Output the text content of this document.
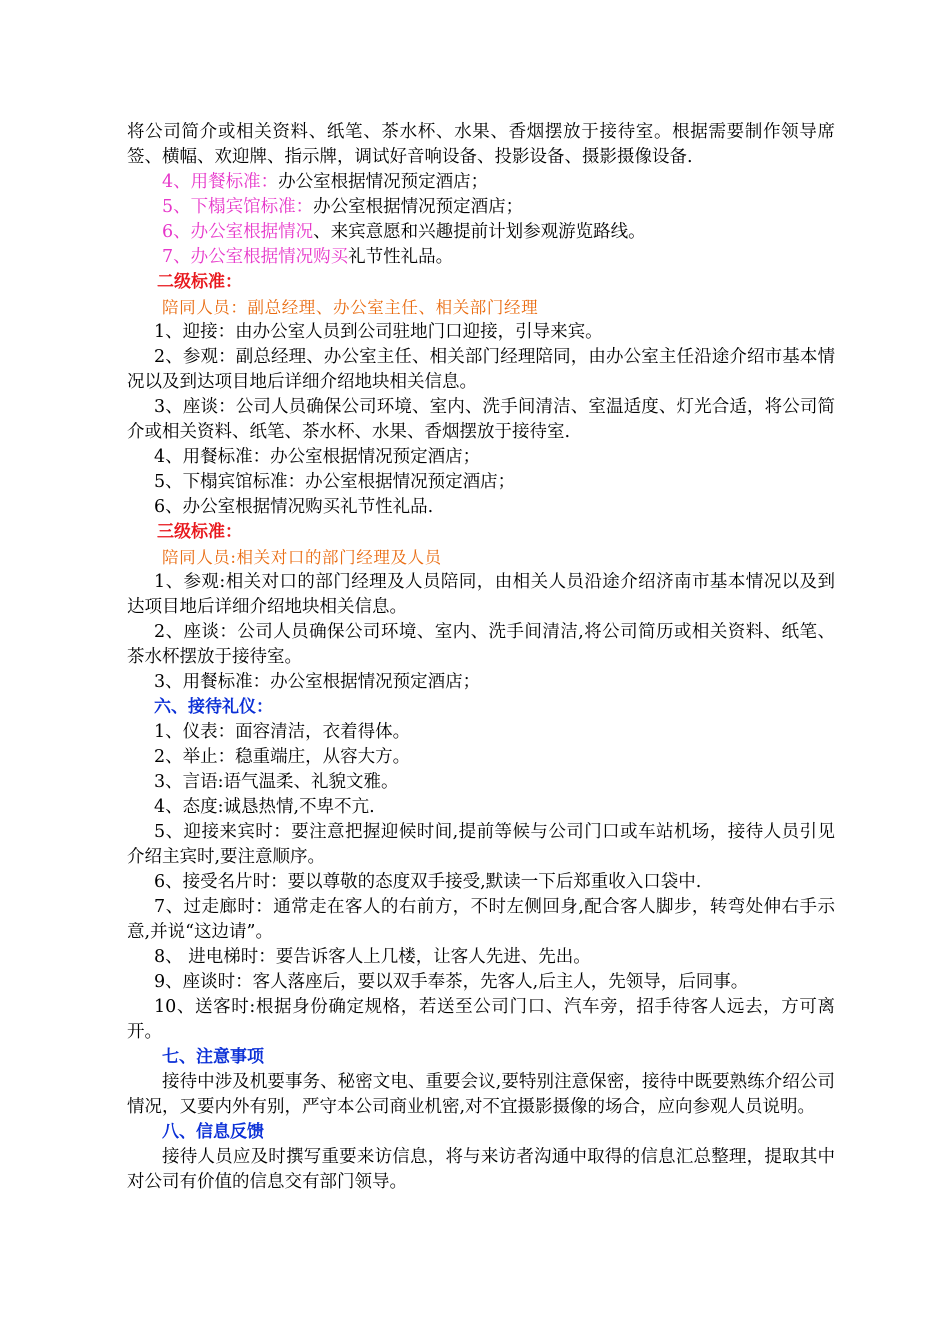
将公司简介或相关资料、纸笔、茶水杯、水果、香烟摆放于接待室。根据需要制作领导席签、横幅、欢迎牌、指示牌，调试好音响设备、投影设备、摄影摄像设备.

4、用餐标准：办公室根据情况预定酒店；

5、下榻宾馆标准：办公室根据情况预定酒店；

6、办公室根据情况、来宾意愿和兴趣提前计划参观游览路线。

7、办公室根据情况购买礼节性礼品。

二级标准：

陪同人员：副总经理、办公室主任、相关部门经理

1、迎接：由办公室人员到公司驻地门口迎接，引导来宾。

2、参观：副总经理、办公室主任、相关部门经理陪同，由办公室主任沿途介绍市基本情况以及到达项目地后详细介绍地块相关信息。

3、座谈：公司人员确保公司环境、室内、洗手间清洁、室温适度、灯光合适，将公司简介或相关资料、纸笔、茶水杯、水果、香烟摆放于接待室.

4、用餐标准：办公室根据情况预定酒店；

5、下榻宾馆标准：办公室根据情况预定酒店；

6、办公室根据情况购买礼节性礼品.

三级标准：

陪同人员:相关对口的部门经理及人员

1、参观:相关对口的部门经理及人员陪同，由相关人员沿途介绍济南市基本情况以及到达项目地后详细介绍地块相关信息。

2、座谈：公司人员确保公司环境、室内、洗手间清洁,将公司简历或相关资料、纸笔、茶水杯摆放于接待室。

3、用餐标准：办公室根据情况预定酒店；

六、接待礼仪：

1、仪表：面容清洁，衣着得体。

2、举止：稳重端庄，从容大方。

3、言语:语气温柔、礼貌文雅。

4、态度:诚恳热情,不卑不亢.

5、迎接来宾时：要注意把握迎候时间,提前等候与公司门口或车站机场，接待人员引见介绍主宾时,要注意顺序。

6、接受名片时：要以尊敬的态度双手接受,默读一下后郑重收入口袋中.

7、过走廊时：通常走在客人的右前方，不时左侧回身,配合客人脚步，转弯处伸右手示意,并说“这边请”。

8、 进电梯时：要告诉客人上几楼，让客人先进、先出。

9、座谈时：客人落座后，要以双手奉茶，先客人,后主人，先领导，后同事。

10、送客时:根据身份确定规格，若送至公司门口、汽车旁，招手待客人远去，方可离开。

七、注意事项

接待中涉及机要事务、秘密文电、重要会议,要特别注意保密，接待中既要熟练介绍公司情况，又要内外有别，严守本公司商业机密,对不宜摄影摄像的场合，应向参观人员说明。

八、信息反馈

接待人员应及时撰写重要来访信息，将与来访者沟通中取得的信息汇总整理，提取其中对公司有价值的信息交有部门领导。
